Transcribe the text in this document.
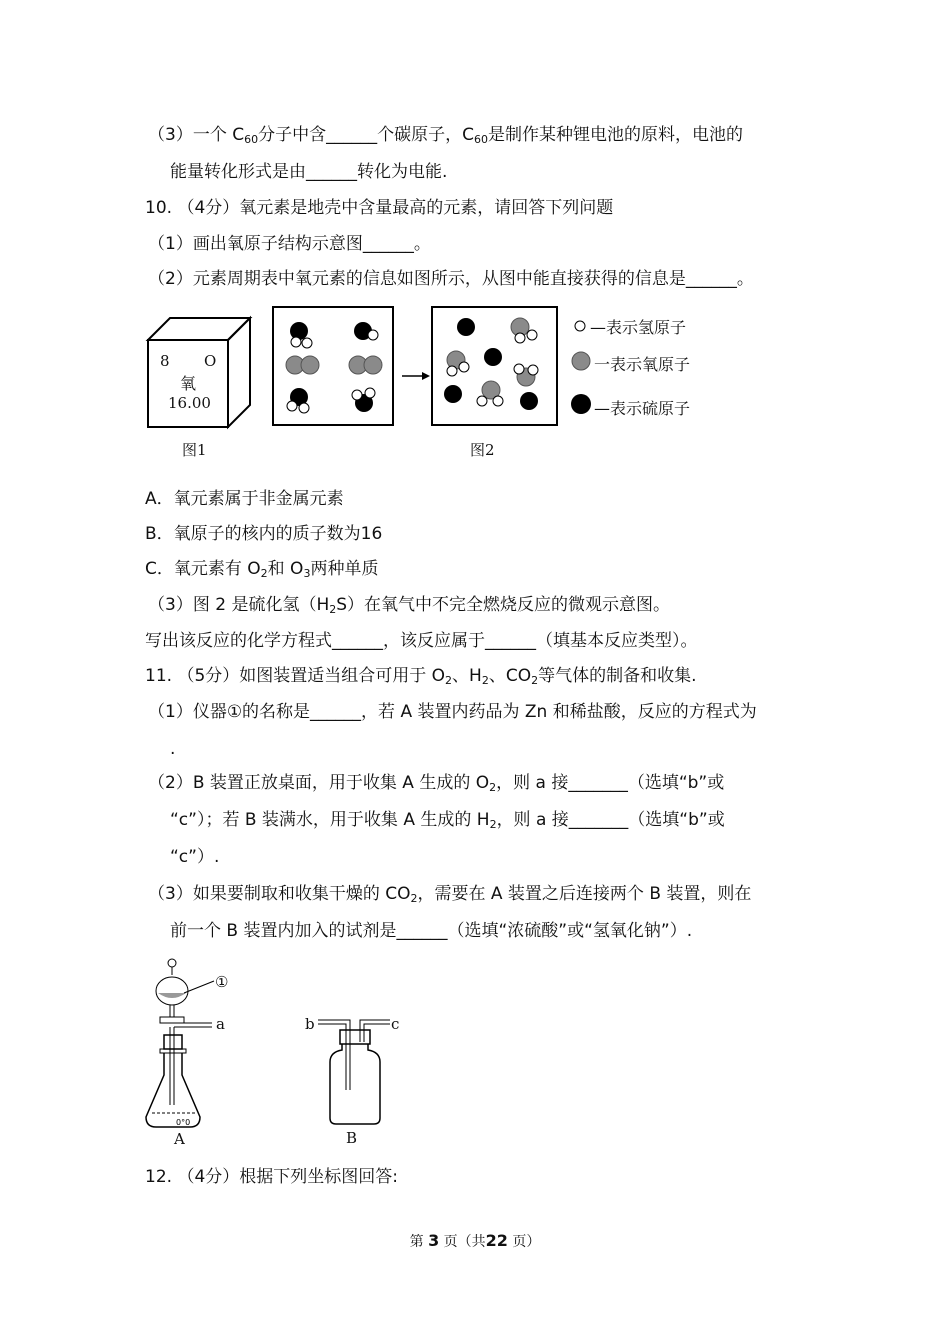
（3）一个 $C_{60}$分子中含______个碳原子，$C_{60}$是制作某种锂电池的原料，电池的
能量转化形式是由______转化为电能.
10. （4分）氧元素是地壳中含量最高的元素，请回答下列问题
（1）画出氧原子结构示意图______。
（2）元素周期表中氧元素的信息如图所示，从图中能直接获得的信息是______。
8 O
氧
16.00
图1	图2
—表示氢原子
一表示氧原子
—表示硫原子
A．氧元素属于非金属元素
B．氧原子的核内的质子数为16
C．氧元素有 $O_2$和 $O_3$两种单质
（3）图 2 是硫化氢$(H_2S)$在氧气中不完全燃烧反应的微观示意图。
写出该反应的化学方程式______，该反应属于______（填基本反应类型）。
11. （5分）如图装置适当组合可用于 $O_2$、$H_2$、$CO_2$等气体的制备和收集.
（1）仪器①的名称是______，若 A 装置内药品为 Zn 和稀盐酸，反应的方程式为
.
（2）B 装置正放桌面，用于收集 A 生成的 $O_2$，则 a 接_______（选填“b”或
“c”）；若 B 装满水，用于收集 A 生成的 $H_2$，则 a 接_______（选填“b”或
“c”）.
（3）如果要制取和收集干燥的 $CO_2$，需要在 A 装置之后连接两个 B 装置，则在
前一个 B 装置内加入的试剂是______（选填“浓硫酸”或“氢氧化钠”）.
0°0
①
a
A
b	c
B
12. （4分）根据下列坐标图回答:
第 3 页（共22 页）
